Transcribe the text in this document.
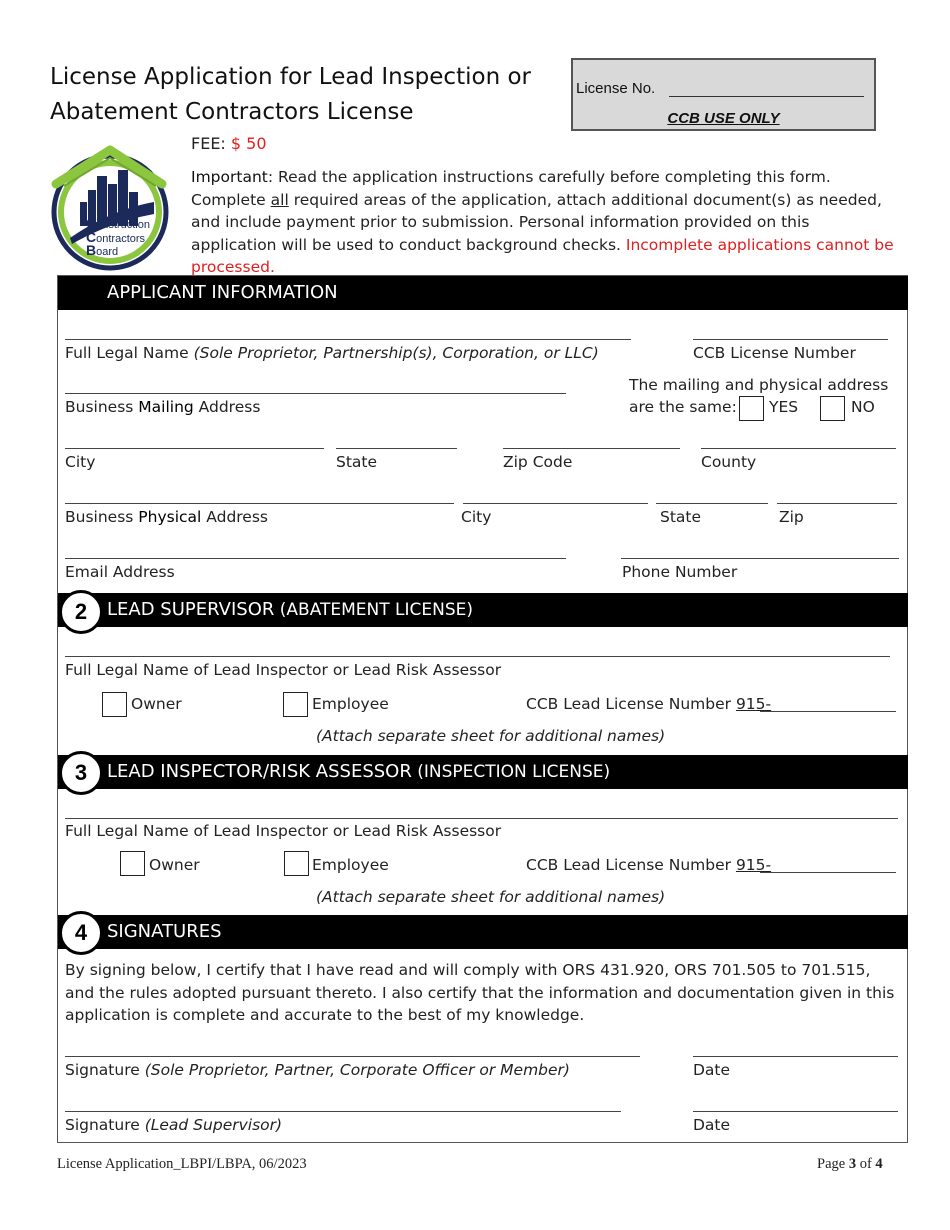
License Application for Lead Inspection or
Abatement Contractors License
License No.
CCB USE ONLY
Construction
Contractors
Board
FEE: $ 50
Important: Read the application instructions carefully before completing this form. Complete all required areas of the application, attach additional document(s) as needed, and include payment prior to submission. Personal information provided on this application will be used to conduct background checks. Incomplete applications cannot be processed.
APPLICANT INFORMATION
Full Legal Name (Sole Proprietor, Partnership(s), Corporation, or LLC)	CCB License Number
Business Mailing Address
The mailing and physical address
are the same: YES	NO
City	State	Zip Code	County
Business Physical Address	City	State	Zip
Email Address	Phone Number
LEAD SUPERVISOR (ABATEMENT LICENSE)
2
Full Legal Name of Lead Inspector or Lead Risk Assessor
Owner	Employee	CCB Lead License Number 915-
(Attach separate sheet for additional names)
LEAD INSPECTOR/RISK ASSESSOR (INSPECTION LICENSE)
3
Full Legal Name of Lead Inspector or Lead Risk Assessor
Owner	Employee	CCB Lead License Number 915-
(Attach separate sheet for additional names)
SIGNATURES
4
By signing below, I certify that I have read and will comply with ORS 431.920, ORS 701.505 to 701.515, and the rules adopted pursuant thereto. I also certify that the information and documentation given in this application is complete and accurate to the best of my knowledge.
Signature (Sole Proprietor, Partner, Corporate Officer or Member)	Date
Signature (Lead Supervisor)	Date
License Application_LBPI/LBPA, 06/2023	Page 3 of 4
